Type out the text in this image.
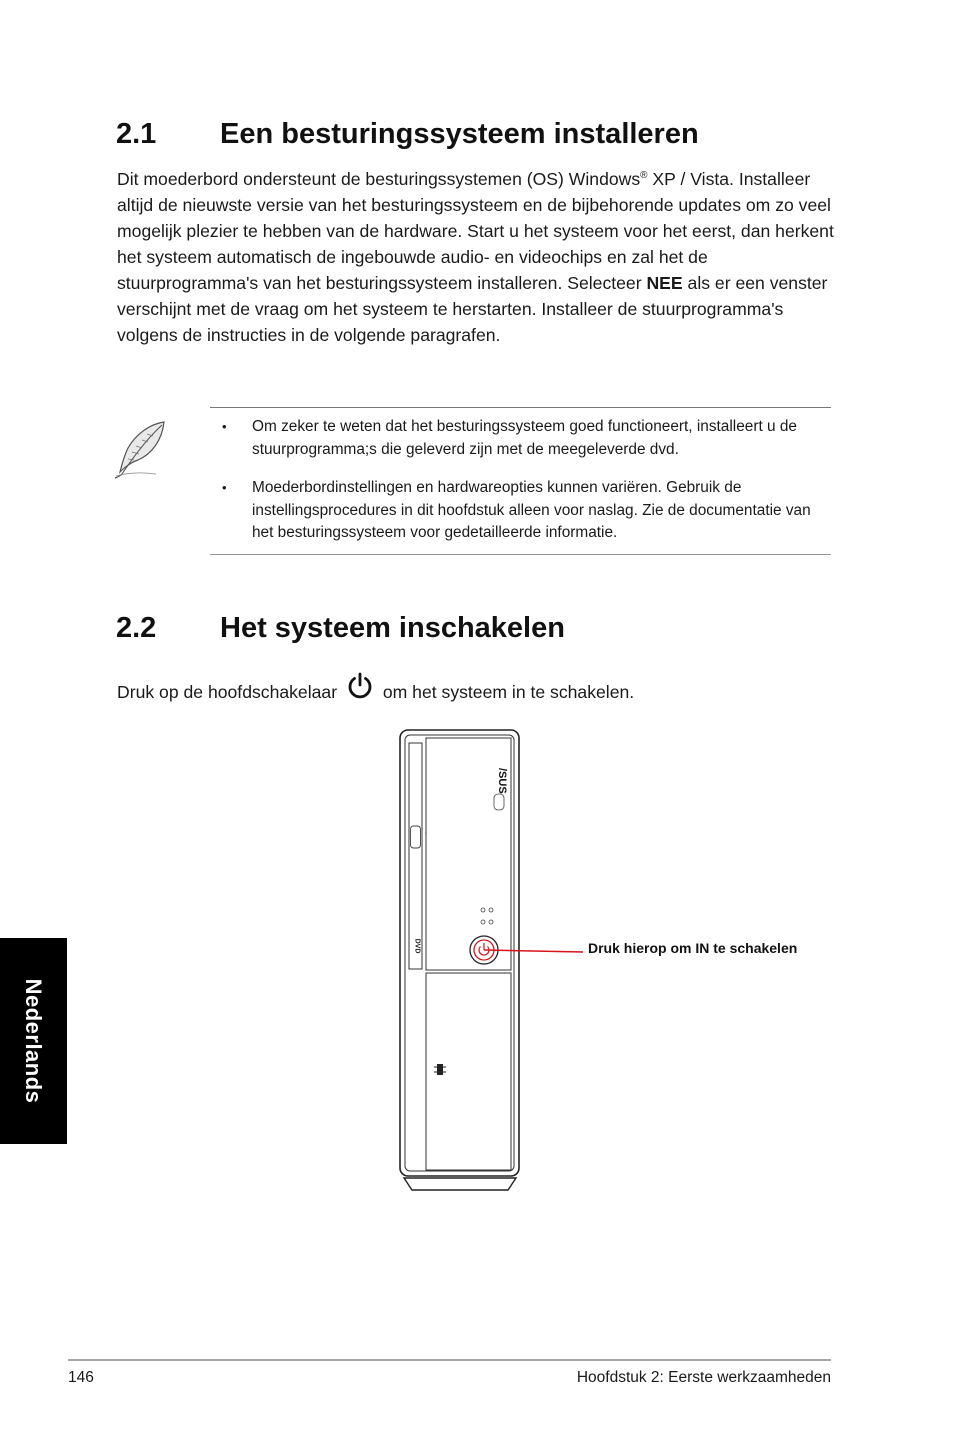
2.1 Een besturingssysteem installeren

Dit moederbord ondersteunt de besturingssystemen (OS) Windows® XP / Vista. Installeer altijd de nieuwste versie van het besturingssysteem en de bijbehorende updates om zo veel mogelijk plezier te hebben van de hardware. Start u het systeem voor het eerst, dan herkent het systeem automatisch de ingebouwde audio- en videochips en zal het de stuurprogramma's van het besturingssysteem installeren. Selecteer NEE als er een venster verschijnt met de vraag om het systeem te herstarten. Installeer de stuurprogramma's volgens de instructies in de volgende paragrafen.

• Om zeker te weten dat het besturingssysteem goed functioneert, installeert u de stuurprogramma;s die geleverd zijn met de meegeleverde dvd.
• Moederbordinstellingen en hardwareopties kunnen variëren. Gebruik de instellingsprocedures in dit hoofdstuk alleen voor naslag. Zie de documentatie van het besturingssysteem voor gedetailleerde informatie.
2.2 Het systeem inschakelen
Druk op de hoofdschakelaar	om het systeem in te schakelen.
DVD
/SUS
Druk hierop om IN te schakelen
Nederlands
146	Hoofdstuk 2: Eerste werkzaamheden
